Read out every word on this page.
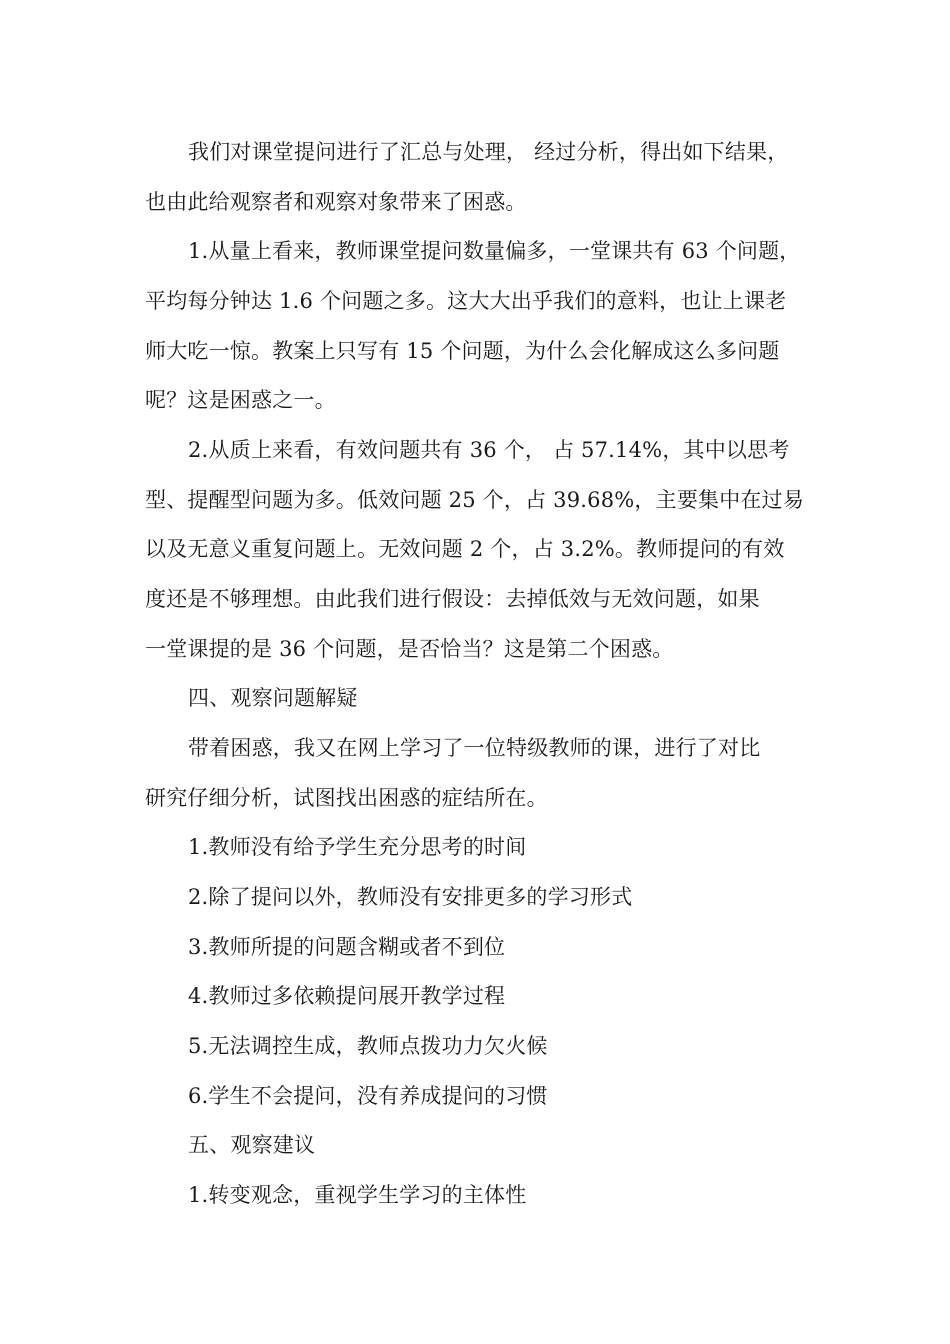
我们对课堂提问进行了汇总与处理， 经过分析，得出如下结果，
也由此给观察者和观察对象带来了困惑。
1.从量上看来，教师课堂提问数量偏多，一堂课共有 63 个问题，
平均每分钟达 1.6 个问题之多。这大大出乎我们的意料，也让上课老
师大吃一惊。教案上只写有 15 个问题，为什么会化解成这么多问题
呢？这是困惑之一。
2.从质上来看，有效问题共有 36 个， 占 57.14%，其中以思考
型、提醒型问题为多。低效问题 25 个，占 39.68%，主要集中在过易
以及无意义重复问题上。无效问题 2 个，占 3.2%。教师提问的有效
度还是不够理想。由此我们进行假设：去掉低效与无效问题，如果
一堂课提的是 36 个问题，是否恰当？这是第二个困惑。
四、观察问题解疑
带着困惑，我又在网上学习了一位特级教师的课，进行了对比
研究仔细分析，试图找出困惑的症结所在。
1.教师没有给予学生充分思考的时间
2.除了提问以外，教师没有安排更多的学习形式
3.教师所提的问题含糊或者不到位
4.教师过多依赖提问展开教学过程
5.无法调控生成，教师点拨功力欠火候
6.学生不会提问，没有养成提问的习惯
五、观察建议
1.转变观念，重视学生学习的主体性
